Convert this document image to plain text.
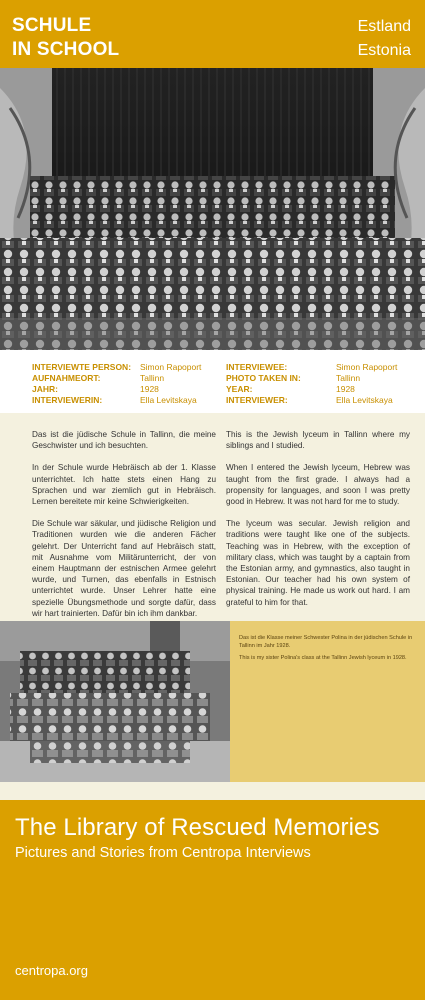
SCHULE
IN SCHOOL
Estland
Estonia
INTERVIEWTE PERSON: Simon Rapoport
AUFNAHMEORT:	Tallinn
JAHR:	1928
INTERVIEWERIN:	Ella Levitskaya
INTERVIEWEE:	Simon Rapoport
PHOTO TAKEN IN:	Tallinn
YEAR:	1928
INTERVIEWER:	Ella Levitskaya

Das ist die jüdische Schule in Tallinn, die meine Geschwister und ich besuchten.

In der Schule wurde Hebräisch ab der 1. Klasse unterrichtet. Ich hatte stets einen Hang zu Sprachen und war ziemlich gut in Hebräisch. Lernen bereitete mir keine Schwierigkeiten.

Die Schule war säkular, und jüdische Religion und Traditionen wurden wie die anderen Fächer gelehrt. Der Unterricht fand auf Hebräisch statt, mit Ausnahme vom Militärunterricht, der von einem Hauptmann der estnischen Armee gelehrt wurde, und Turnen, das ebenfalls in Estnisch unterrichtet wurde. Unser Lehrer hatte eine spezielle Übungsmethode und sorgte dafür, dass wir hart trainierten. Dafür bin ich ihm dankbar.

This is the Jewish lyceum in Tallinn where my siblings and I studied.

When I entered the Jewish lyceum, Hebrew was taught from the first grade. I always had a propensity for languages, and soon I was pretty good in Hebrew. It was not hard for me to study.

The lyceum was secular. Jewish religion and traditions were taught like one of the subjects. Teaching was in Hebrew, with the exception of military class, which was taught by a captain from the Estonian army, and gymnastics, also taught in Estonian. Our teacher had his own system of physical training. He made us work out hard. I am grateful to him for that.

Das ist die Klasse meiner Schwester Polina in der jüdischen Schule in Tallinn im Jahr 1928.
This is my sister Polina's class at the Tallinn Jewish lyceum in 1928.
The Library of Rescued Memories
Pictures and Stories from Centropa Interviews
centropa.org
